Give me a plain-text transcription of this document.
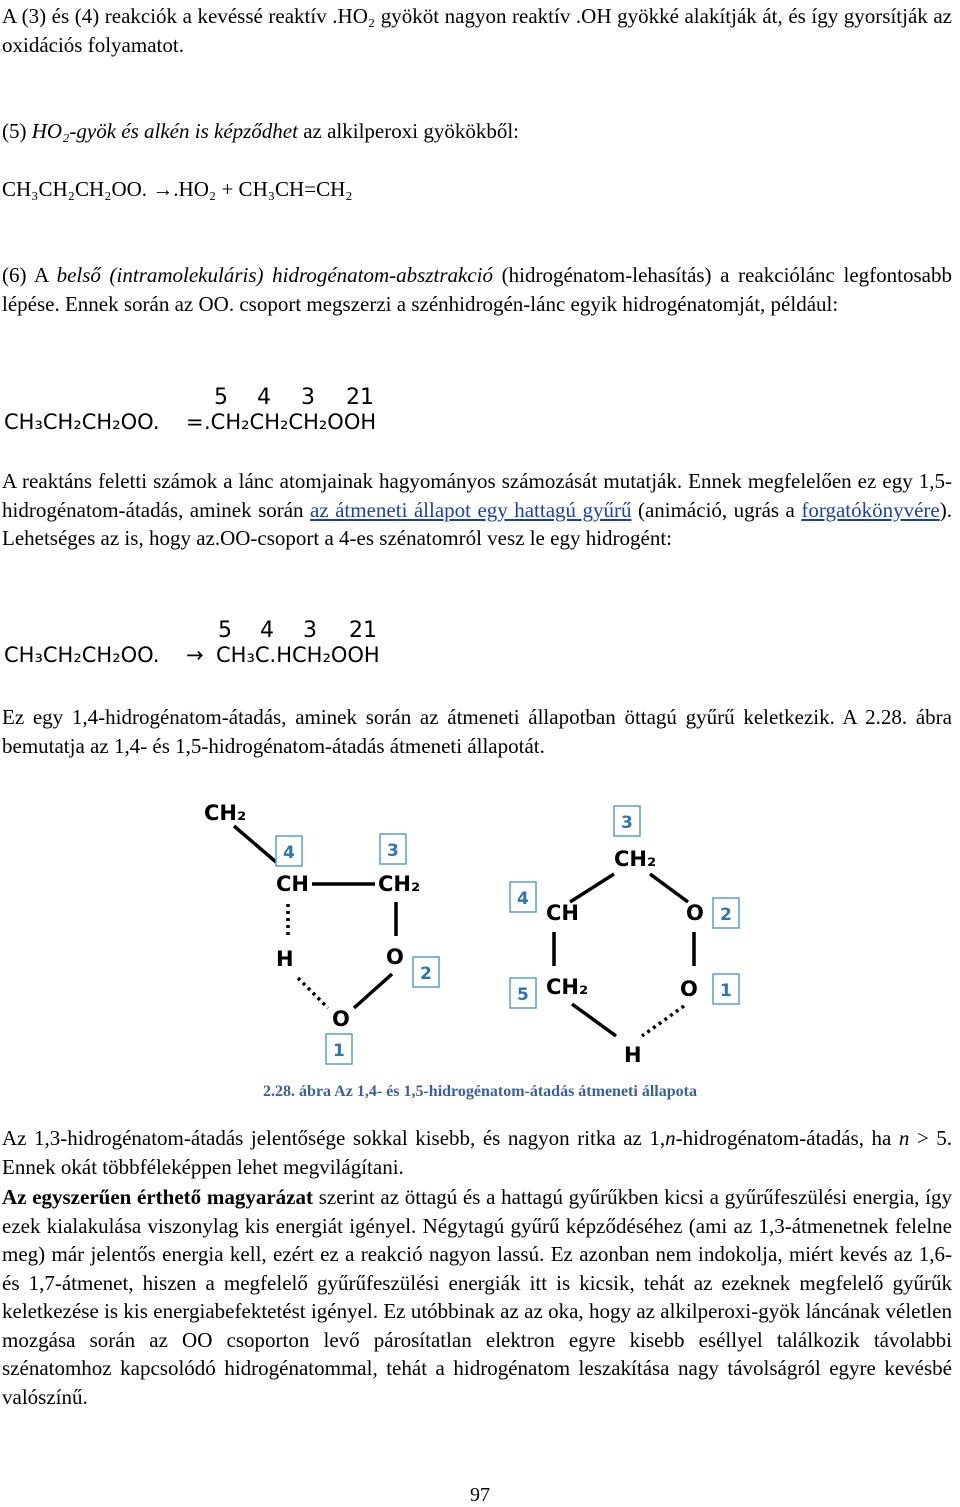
A (3) és (4) reakciók a kevéssé reaktív .HO₂ gyököt nagyon reaktív .OH gyökké alakítják át, és így gyorsítják az oxidációs folyamatot.
(5) HO₂-gyök és alkén is képződhet az alkilperoxi gyökökből:
CH₃CH₂CH₂OO. →.HO₂ + CH₃CH=CH₂
(6) A belső (intramolekuláris) hidrogénatom-absztrakció (hidrogénatom-lehasítás) a reakciólánc legfontosabb lépése. Ennek során az OO. csoport megszerzi a szénhidrogén-lánc egyik hidrogénatomját, például:
5 4 3 21
CH₃CH₂CH₂OO. = .CH₂CH₂CH₂OOH
A reaktáns feletti számok a lánc atomjainak hagyományos számozását mutatják. Ennek megfelelően ez egy 1,5-hidrogénatom-átadás, aminek során az átmeneti állapot egy hattagú gyűrű (animáció, ugrás a forgatókönyvére). Lehetséges az is, hogy az.OO-csoport a 4-es szénatomról vesz le egy hidrogént:
5 4 3 21
CH₃CH₂CH₂OO. → CH₃C.HCH₂OOH
Ez egy 1,4-hidrogénatom-átadás, aminek során az átmeneti állapotban öttagú gyűrű keletkezik. A 2.28. ábra bemutatja az 1,4- és 1,5-hidrogénatom-átadás átmeneti állapotát.
CH₂
4
CH
3
CH₂
H	O
2
O
1
3
CH₂
4
CH	O 2
5 CH₂	O 1
H
2.28. ábra Az 1,4- és 1,5-hidrogénatom-átadás átmeneti állapota
Az 1,3-hidrogénatom-átadás jelentősége sokkal kisebb, és nagyon ritka az 1,n-hidrogénatom-átadás, ha n > 5. Ennek okát többféleképpen lehet megvilágítani.
Az egyszerűen érthető magyarázat szerint az öttagú és a hattagú gyűrűkben kicsi a gyűrűfeszülési energia, így ezek kialakulása viszonylag kis energiát igényel. Négytagú gyűrű képződéséhez (ami az 1,3-átmenetnek felelne meg) már jelentős energia kell, ezért ez a reakció nagyon lassú. Ez azonban nem indokolja, miért kevés az 1,6- és 1,7-átmenet, hiszen a megfelelő gyűrűfeszülési energiák itt is kicsik, tehát az ezeknek megfelelő gyűrűk keletkezése is kis energiabefektetést igényel. Ez utóbbinak az az oka, hogy az alkilperoxi-gyök láncának véletlen mozgása során az OO csoporton levő párosítatlan elektron egyre kisebb eséllyel találkozik távolabbi szénatomhoz kapcsolódó hidrogénatommal, tehát a hidrogénatom leszakítása nagy távolságról egyre kevésbé valószínű.
97
